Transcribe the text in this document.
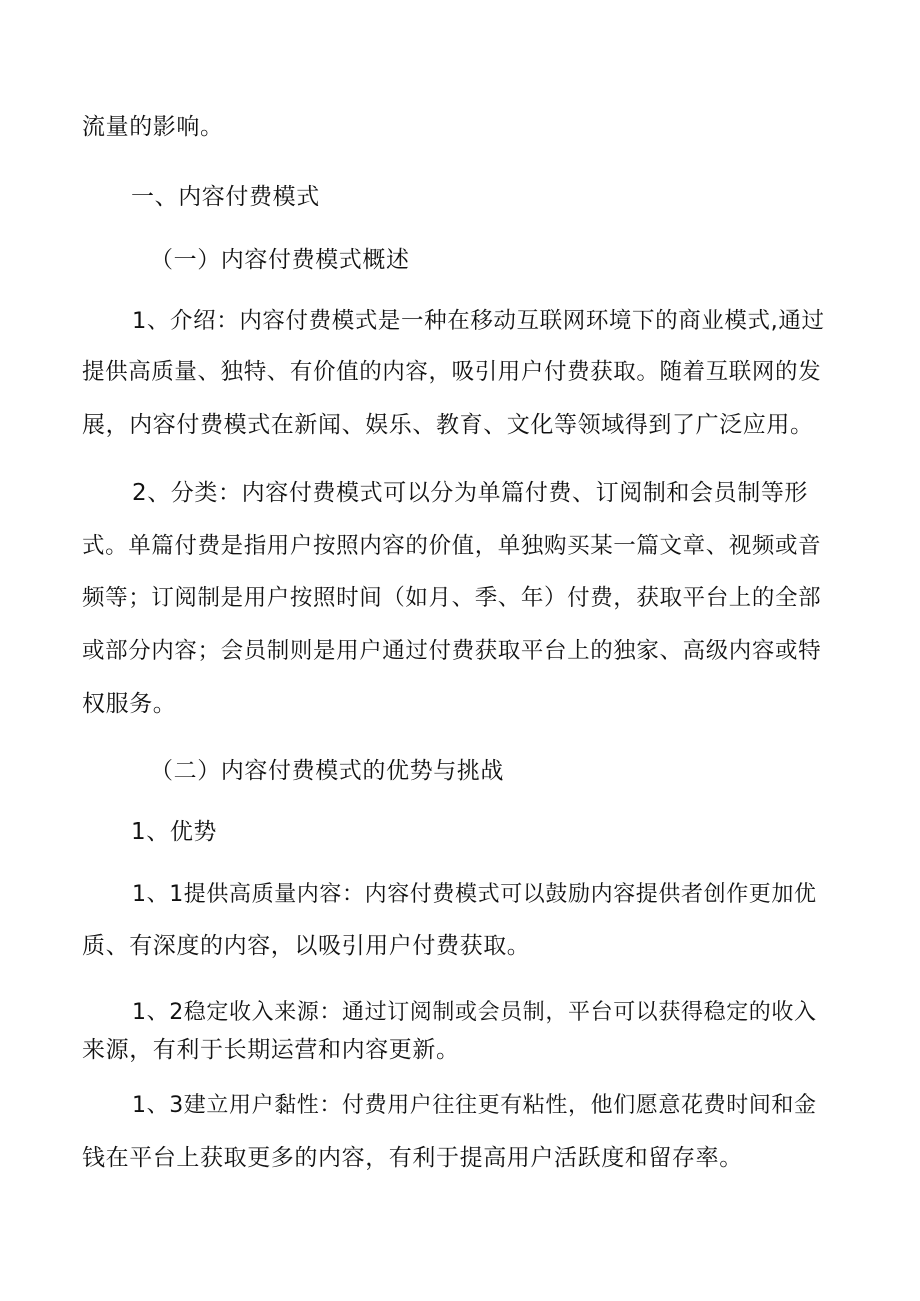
流量的影响。
一、内容付费模式
（一）内容付费模式概述
1、介绍：内容付费模式是一种在移动互联网环境下的商业模式,通过
提供高质量、独特、有价值的内容，吸引用户付费获取。随着互联网的发
展，内容付费模式在新闻、娱乐、教育、文化等领域得到了广泛应用。
2、分类：内容付费模式可以分为单篇付费、订阅制和会员制等形
式。单篇付费是指用户按照内容的价值，单独购买某一篇文章、视频或音
频等；订阅制是用户按照时间（如月、季、年）付费，获取平台上的全部
或部分内容；会员制则是用户通过付费获取平台上的独家、高级内容或特
权服务。
（二）内容付费模式的优势与挑战
1、优势
1、1提供高质量内容：内容付费模式可以鼓励内容提供者创作更加优
质、有深度的内容，以吸引用户付费获取。
1、2稳定收入来源：通过订阅制或会员制，平台可以获得稳定的收入
来源，有利于长期运营和内容更新。
1、3建立用户黏性：付费用户往往更有粘性，他们愿意花费时间和金
钱在平台上获取更多的内容，有利于提高用户活跃度和留存率。
